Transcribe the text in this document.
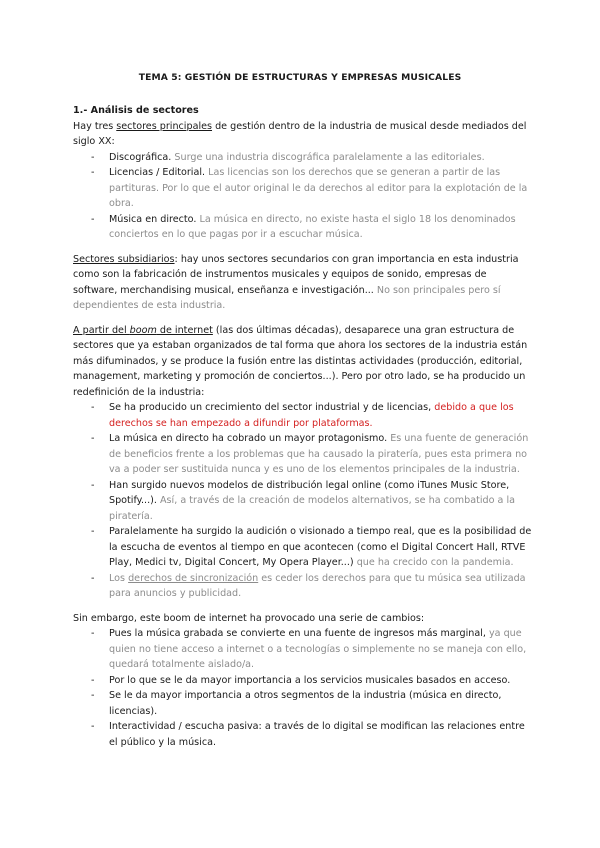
TEMA 5: GESTIÓN DE ESTRUCTURAS Y EMPRESAS MUSICALES

1.- Análisis de sectores

Hay tres sectores principales de gestión dentro de la industria de musical desde mediados del siglo XX:

- Discográfica. Surge una industria discográfica paralelamente a las editoriales.
- Licencias / Editorial. Las licencias son los derechos que se generan a partir de las partituras. Por lo que el autor original le da derechos al editor para la explotación de la obra.
- Música en directo. La música en directo, no existe hasta el siglo 18 los denominados conciertos en lo que pagas por ir a escuchar música.

Sectores subsidiarios: hay unos sectores secundarios con gran importancia en esta industria como son la fabricación de instrumentos musicales y equipos de sonido, empresas de software, merchandising musical, enseñanza e investigación... No son principales pero sí dependientes de esta industria.

A partir del boom de internet (las dos últimas décadas), desaparece una gran estructura de sectores que ya estaban organizados de tal forma que ahora los sectores de la industria están más difuminados, y se produce la fusión entre las distintas actividades (producción, editorial, management, marketing y promoción de conciertos...). Pero por otro lado, se ha producido un redefinición de la industria:

- Se ha producido un crecimiento del sector industrial y de licencias, debido a que los derechos se han empezado a difundir por plataformas.
- La música en directo ha cobrado un mayor protagonismo. Es una fuente de generación de beneficios frente a los problemas que ha causado la piratería, pues esta primera no va a poder ser sustituida nunca y es uno de los elementos principales de la industria.
- Han surgido nuevos modelos de distribución legal online (como iTunes Music Store, Spotify...). Así, a través de la creación de modelos alternativos, se ha combatido a la piratería.
- Paralelamente ha surgido la audición o visionado a tiempo real, que es la posibilidad de la escucha de eventos al tiempo en que acontecen (como el Digital Concert Hall, RTVE Play, Medici tv, Digital Concert, My Opera Player...) que ha crecido con la pandemia.
- Los derechos de sincronización es ceder los derechos para que tu música sea utilizada para anuncios y publicidad.

Sin embargo, este boom de internet ha provocado una serie de cambios:

- Pues la música grabada se convierte en una fuente de ingresos más marginal, ya que quien no tiene acceso a internet o a tecnologías o simplemente no se maneja con ello, quedará totalmente aislado/a.
- Por lo que se le da mayor importancia a los servicios musicales basados en acceso.
- Se le da mayor importancia a otros segmentos de la industria (música en directo, licencias).
- Interactividad / escucha pasiva: a través de lo digital se modifican las relaciones entre el público y la música.
